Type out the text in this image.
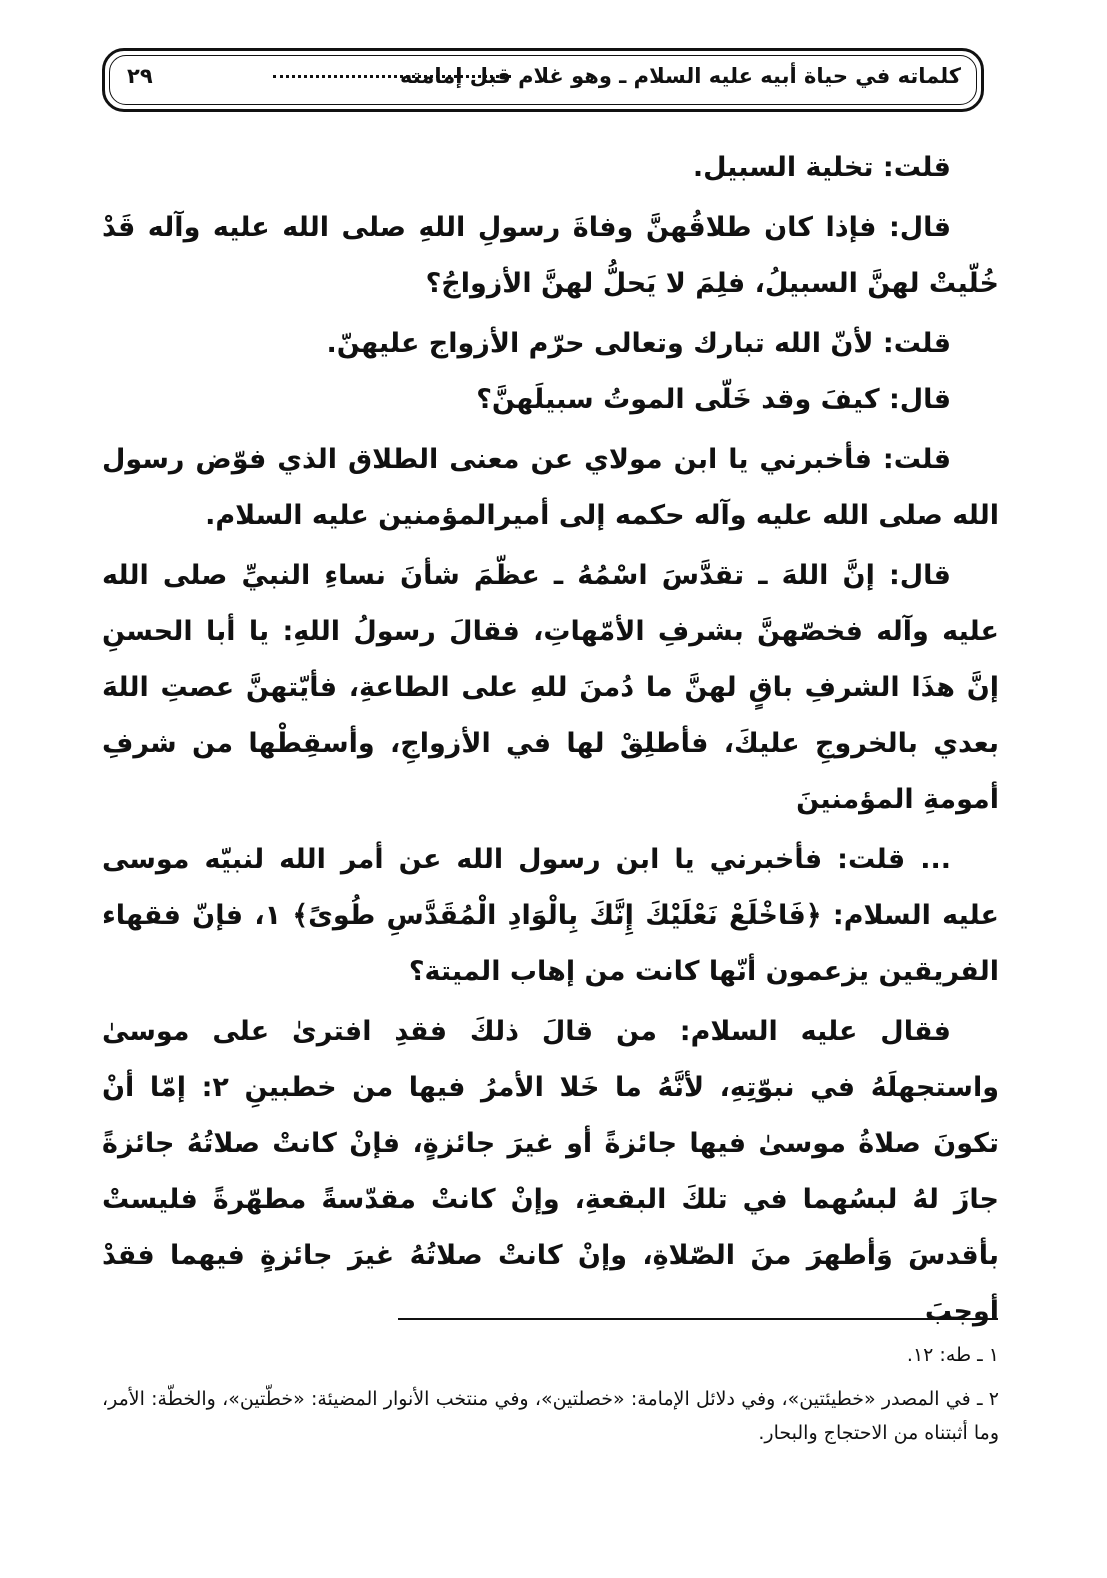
كلماته في حياة أبيه عليه السلام ـ وهو غلام قبل إمامته
٢٩

قلت: تخلية السبيل.

قال: فإذا كان طلاقُهنَّ وفاةَ رسولِ اللهِ صلى الله عليه وآله قَدْ خُلّيتْ لهنَّ السبيلُ، فلِمَ لا يَحلُّ لهنَّ الأزواجُ؟

قلت: لأنّ الله تبارك وتعالى حرّم الأزواج عليهنّ.

قال: كيفَ وقد خَلّى الموتُ سبيلَهنَّ؟

قلت: فأخبرني يا ابن مولاي عن معنى الطلاق الذي فوّض رسول الله صلى الله عليه وآله حكمه إلى أميرالمؤمنين عليه السلام.

قال: إنَّ اللهَ ـ تقدَّسَ اسْمُهُ ـ عظّمَ شأنَ نساءِ النبيِّ صلى الله عليه وآله فخصّهنَّ بشرفِ الأمّهاتِ، فقالَ رسولُ اللهِ: يا أبا الحسنِ إنَّ هذَا الشرفِ باقٍ لهنَّ ما دُمنَ للهِ على الطاعةِ، فأيّتهنَّ عصتِ اللهَ بعدي بالخروجِ عليكَ، فأطلِقْ لها في الأزواجِ، وأسقِطْها من شرفِ أمومةِ المؤمنينَ

... قلت: فأخبرني يا ابن رسول الله عن أمر الله لنبيّه موسى عليه السلام: ﴿فَاخْلَعْ نَعْلَيْكَ إِنَّكَ بِالْوَادِ الْمُقَدَّسِ طُوىً﴾ ١، فإنّ فقهاء الفريقين يزعمون أنّها كانت من إهاب الميتة؟

فقال عليه السلام: من قالَ ذلكَ فقدِ افترىٰ على موسىٰ واستجهلَهُ في نبوّتِهِ، لأنَّهُ ما خَلا الأمرُ فيها من خطبينِ ٢: إمّا أنْ تكونَ صلاةُ موسىٰ فيها جائزةً أو غيرَ جائزةٍ، فإنْ كانتْ صلاتُهُ جائزةً جازَ لهُ لبسُهما في تلكَ البقعةِ، وإنْ كانتْ مقدّسةً مطهّرةً فليستْ بأقدسَ وَأطهرَ منَ الصّلاةِ، وإنْ كانتْ صلاتُهُ غيرَ جائزةٍ فيهما فقدْ أوجبَ

١ ـ طه: ١٢.

٢ ـ في المصدر «خطيئتين»، وفي دلائل الإمامة: «خصلتين»، وفي منتخب الأنوار المضيئة: «خطّتين»، والخطّة: الأمر، وما أثبتناه من الاحتجاج والبحار.
